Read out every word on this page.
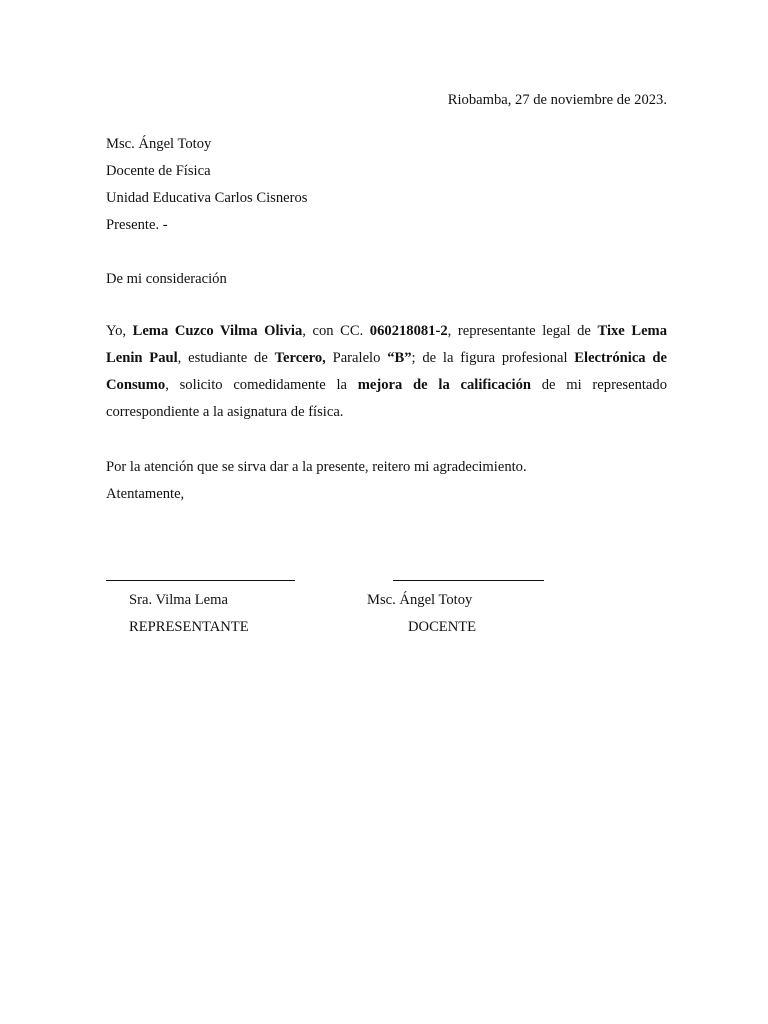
Riobamba, 27 de noviembre de 2023.
Msc. Ángel Totoy
Docente de Física
Unidad Educativa Carlos Cisneros
Presente. -
De mi consideración

Yo, Lema Cuzco Vilma Olivia, con CC. 060218081-2, representante legal de Tixe Lema Lenin Paul, estudiante de Tercero, Paralelo “B”; de la figura profesional Electrónica de Consumo, solicito comedidamente la mejora de la calificación de mi representado correspondiente a la asignatura de física.

Por la atención que se sirva dar a la presente, reitero mi agradecimiento.
Atentamente,
Sra. Vilma Lema
REPRESENTANTE
Msc. Ángel Totoy
DOCENTE
